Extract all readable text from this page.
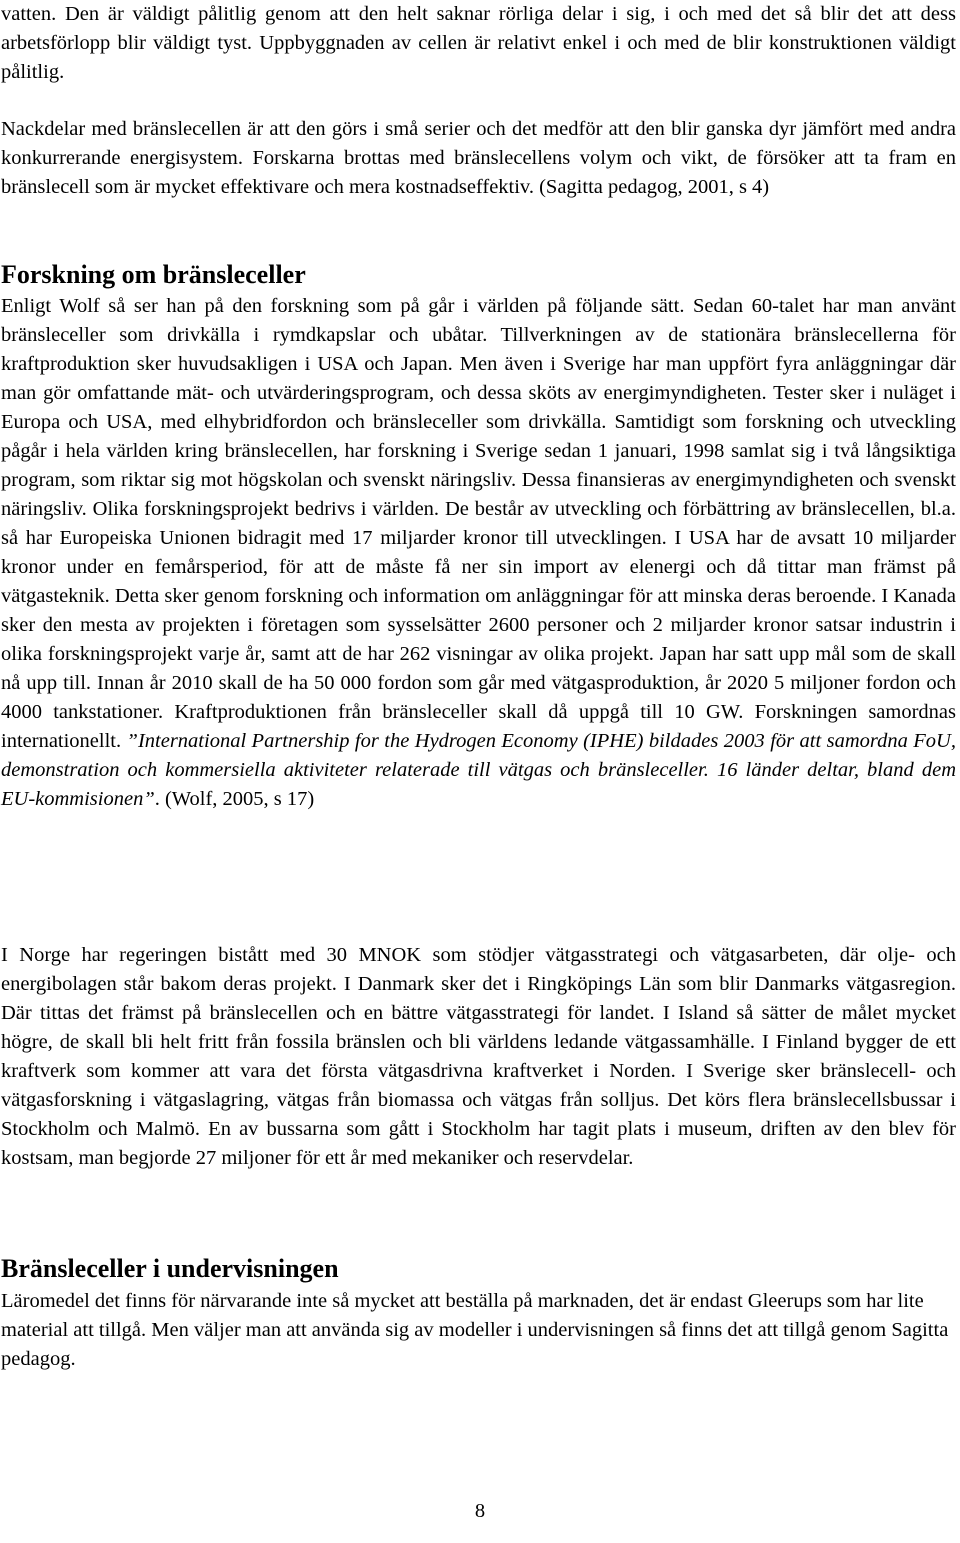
vatten. Den är väldigt pålitlig genom att den helt saknar rörliga delar i sig, i och med det så blir det att dess arbetsförlopp blir väldigt tyst. Uppbyggnaden av cellen är relativt enkel i och med de blir konstruktionen väldigt pålitlig.

Nackdelar med bränslecellen är att den görs i små serier och det medför att den blir ganska dyr jämfört med andra konkurrerande energisystem. Forskarna brottas med bränslecellens volym och vikt, de försöker att ta fram en bränslecell som är mycket effektivare och mera kostnadseffektiv. (Sagitta pedagog, 2001, s 4)

Forskning om bränsleceller

Enligt Wolf så ser han på den forskning som på går i världen på följande sätt. Sedan 60-talet har man använt bränsleceller som drivkälla i rymdkapslar och ubåtar. Tillverkningen av de stationära bränslecellerna för kraftproduktion sker huvudsakligen i USA och Japan. Men även i Sverige har man uppfört fyra anläggningar där man gör omfattande mät- och utvärderingsprogram, och dessa sköts av energimyndigheten. Tester sker i nuläget i Europa och USA, med elhybridfordon och bränsleceller som drivkälla. Samtidigt som forskning och utveckling pågår i hela världen kring bränslecellen, har forskning i Sverige sedan 1 januari, 1998 samlat sig i två långsiktiga program, som riktar sig mot högskolan och svenskt näringsliv. Dessa finansieras av energimyndigheten och svenskt näringsliv. Olika forskningsprojekt bedrivs i världen. De består av utveckling och förbättring av bränslecellen, bl.a. så har Europeiska Unionen bidragit med 17 miljarder kronor till utvecklingen. I USA har de avsatt 10 miljarder kronor under en femårsperiod, för att de måste få ner sin import av elenergi och då tittar man främst på vätgasteknik. Detta sker genom forskning och information om anläggningar för att minska deras beroende. I Kanada sker den mesta av projekten i företagen som sysselsätter 2600 personer och 2 miljarder kronor satsar industrin i olika forskningsprojekt varje år, samt att de har 262 visningar av olika projekt. Japan har satt upp mål som de skall nå upp till. Innan år 2010 skall de ha 50 000 fordon som går med vätgasproduktion, år 2020 5 miljoner fordon och 4000 tankstationer. Kraftproduktionen från bränsleceller skall då uppgå till 10 GW. Forskningen samordnas internationellt. ”International Partnership for the Hydrogen Economy (IPHE) bildades 2003 för att samordna FoU, demonstration och kommersiella aktiviteter relaterade till vätgas och bränsleceller. 16 länder deltar, bland dem EU-kommisionen”. (Wolf, 2005, s 17)

I Norge har regeringen bistått med 30 MNOK som stödjer vätgasstrategi och vätgasarbeten, där olje- och energibolagen står bakom deras projekt. I Danmark sker det i Ringköpings Län som blir Danmarks vätgasregion. Där tittas det främst på bränslecellen och en bättre vätgasstrategi för landet. I Island så sätter de målet mycket högre, de skall bli helt fritt från fossila bränslen och bli världens ledande vätgassamhälle. I Finland bygger de ett kraftverk som kommer att vara det första vätgasdrivna kraftverket i Norden. I Sverige sker bränslecell- och vätgasforskning i vätgaslagring, vätgas från biomassa och vätgas från solljus. Det körs flera bränslecellsbussar i Stockholm och Malmö. En av bussarna som gått i Stockholm har tagit plats i museum, driften av den blev för kostsam, man begjorde 27 miljoner för ett år med mekaniker och reservdelar.

Bränsleceller i undervisningen

Läromedel det finns för närvarande inte så mycket att beställa på marknaden, det är endast Gleerups som har lite material att tillgå. Men väljer man att använda sig av modeller i undervisningen så finns det att tillgå genom Sagitta pedagog.

8
